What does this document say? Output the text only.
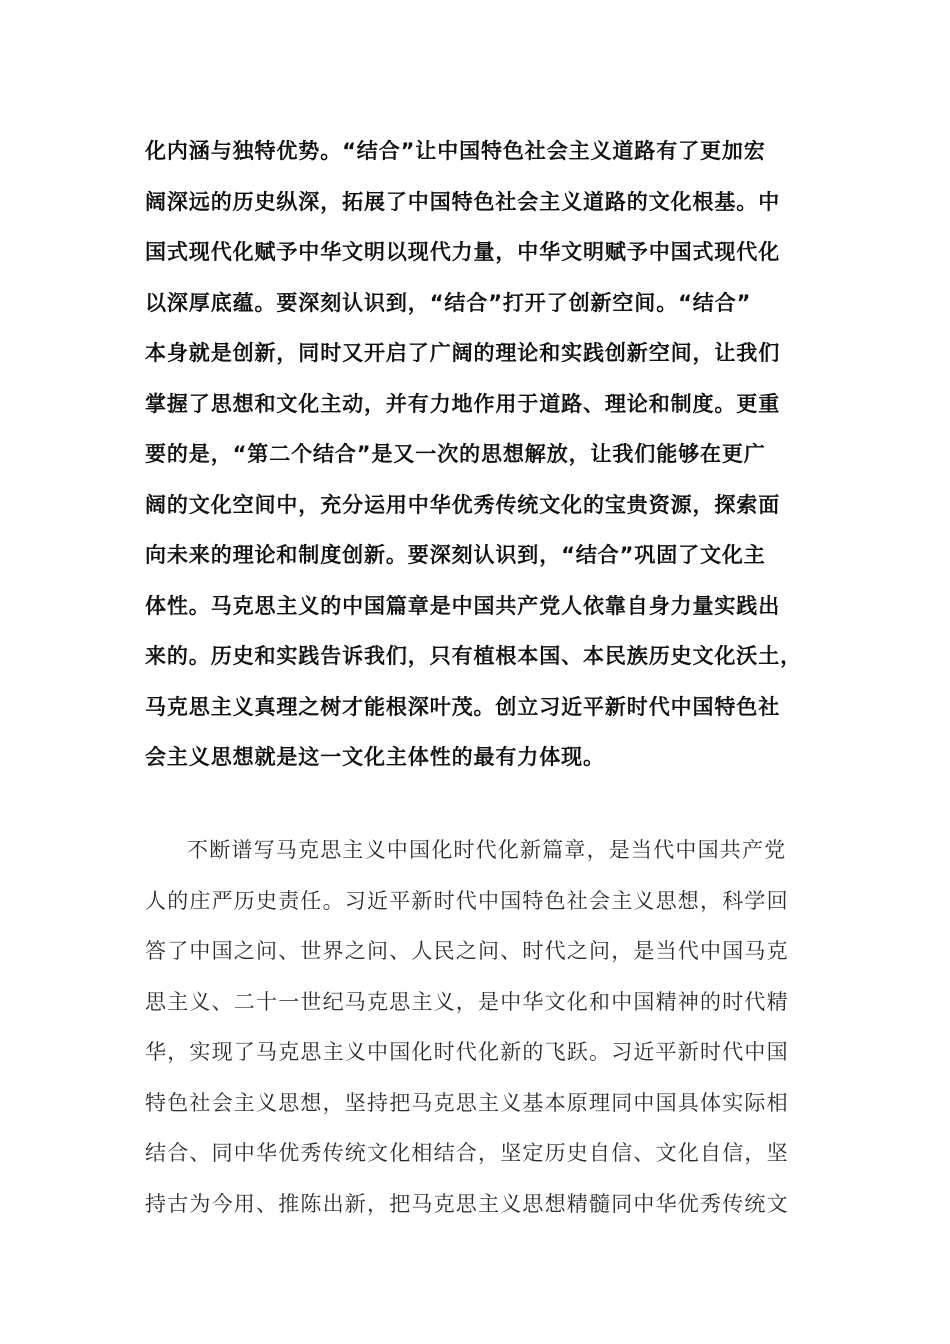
化内涵与独特优势。“结合”让中国特色社会主义道路有了更加宏
阔深远的历史纵深，拓展了中国特色社会主义道路的文化根基。中
国式现代化赋予中华文明以现代力量，中华文明赋予中国式现代化
以深厚底蕴。要深刻认识到，“结合”打开了创新空间。“结合”
本身就是创新，同时又开启了广阔的理论和实践创新空间，让我们
掌握了思想和文化主动，并有力地作用于道路、理论和制度。更重
要的是，“第二个结合”是又一次的思想解放，让我们能够在更广
阔的文化空间中，充分运用中华优秀传统文化的宝贵资源，探索面
向未来的理论和制度创新。要深刻认识到，“结合”巩固了文化主
体性。马克思主义的中国篇章是中国共产党人依靠自身力量实践出
来的。历史和实践告诉我们，只有植根本国、本民族历史文化沃土，
马克思主义真理之树才能根深叶茂。创立习近平新时代中国特色社
会主义思想就是这一文化主体性的最有力体现。
不断谱写马克思主义中国化时代化新篇章，是当代中国共产党
人的庄严历史责任。习近平新时代中国特色社会主义思想，科学回
答了中国之问、世界之问、人民之问、时代之问，是当代中国马克
思主义、二十一世纪马克思主义，是中华文化和中国精神的时代精
华，实现了马克思主义中国化时代化新的飞跃。习近平新时代中国
特色社会主义思想，坚持把马克思主义基本原理同中国具体实际相
结合、同中华优秀传统文化相结合，坚定历史自信、文化自信，坚
持古为今用、推陈出新，把马克思主义思想精髓同中华优秀传统文
